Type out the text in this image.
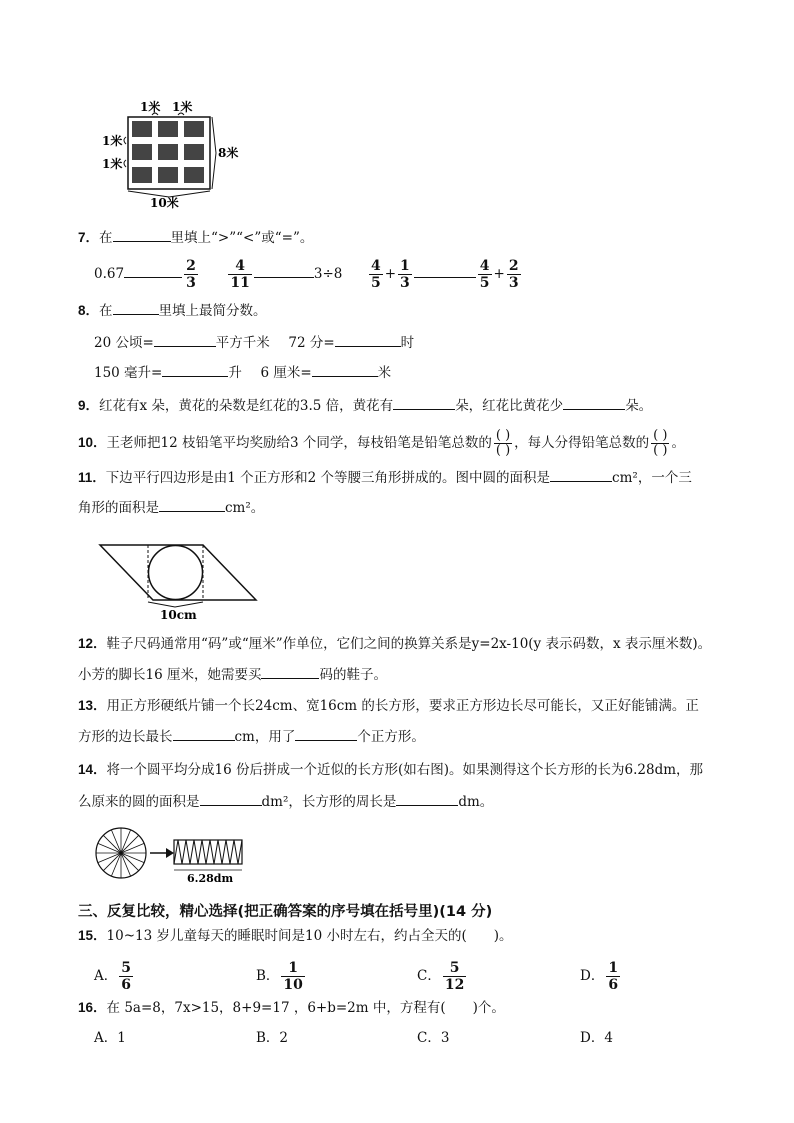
1米 1米
1米
1米
8米
10米
7．在	里填上“>”“<”或“=”。
0.67	$\frac{2}{3}$
$\frac{4}{11}$	$3\div 8 \frac{4}{5} + \frac{1}{3}$	$\frac{4}{5} + \frac{2}{3}$
8．在	里填上最简分数。
20 公顷=	平方千米 72 分=	时
150 毫升=	升 6 厘米=	米
9．红花有x 朵，黄花的朵数是红花的3.5 倍，黄花有	朵，红花比黄花少	朵。
10．王老师把12 枝铅笔平均奖励给3 个同学，每枝铅笔是铅笔总数的 $\frac{( )}{( )}$ ，每人分得铅笔总数的 $\frac{( )}{( )}$ 。
11．下边平行四边形是由1 个正方形和2 个等腰三角形拼成的。图中圆的面积是	cm²，一个三
角形的面积是	cm²。
10cm
12．鞋子尺码通常用“码”或“厘米”作单位，它们之间的换算关系是y=2x-10(y 表示码数，x 表示厘米数)。
小芳的脚长16 厘米，她需要买	码的鞋子。
13．用正方形硬纸片铺一个长24cm、宽16cm 的长方形，要求正方形边长尽可能长，又正好能铺满。正
方形的边长最长	cm，用了	个正方形。
14．将一个圆平均分成16 份后拼成一个近似的长方形(如右图)。如果测得这个长方形的长为6.28dm，那
么原来的圆的面积是	dm²，长方形的周长是	dm。
6.28dm
三、反复比较，精心选择(把正确答案的序号填在括号里)(14 分)
15．10~13 岁儿童每天的睡眠时间是10 小时左右，约占全天的(　　)。
A． $\frac{5}{6}$	B． $\frac{1}{10}$	C． $\frac{5}{12}$	D． $\frac{1}{6}$
16．在 5a=8，7x>15，8+9=17 ，6+b=2m 中，方程有(　　)个。
A．1	B．2	C．3	D．4
